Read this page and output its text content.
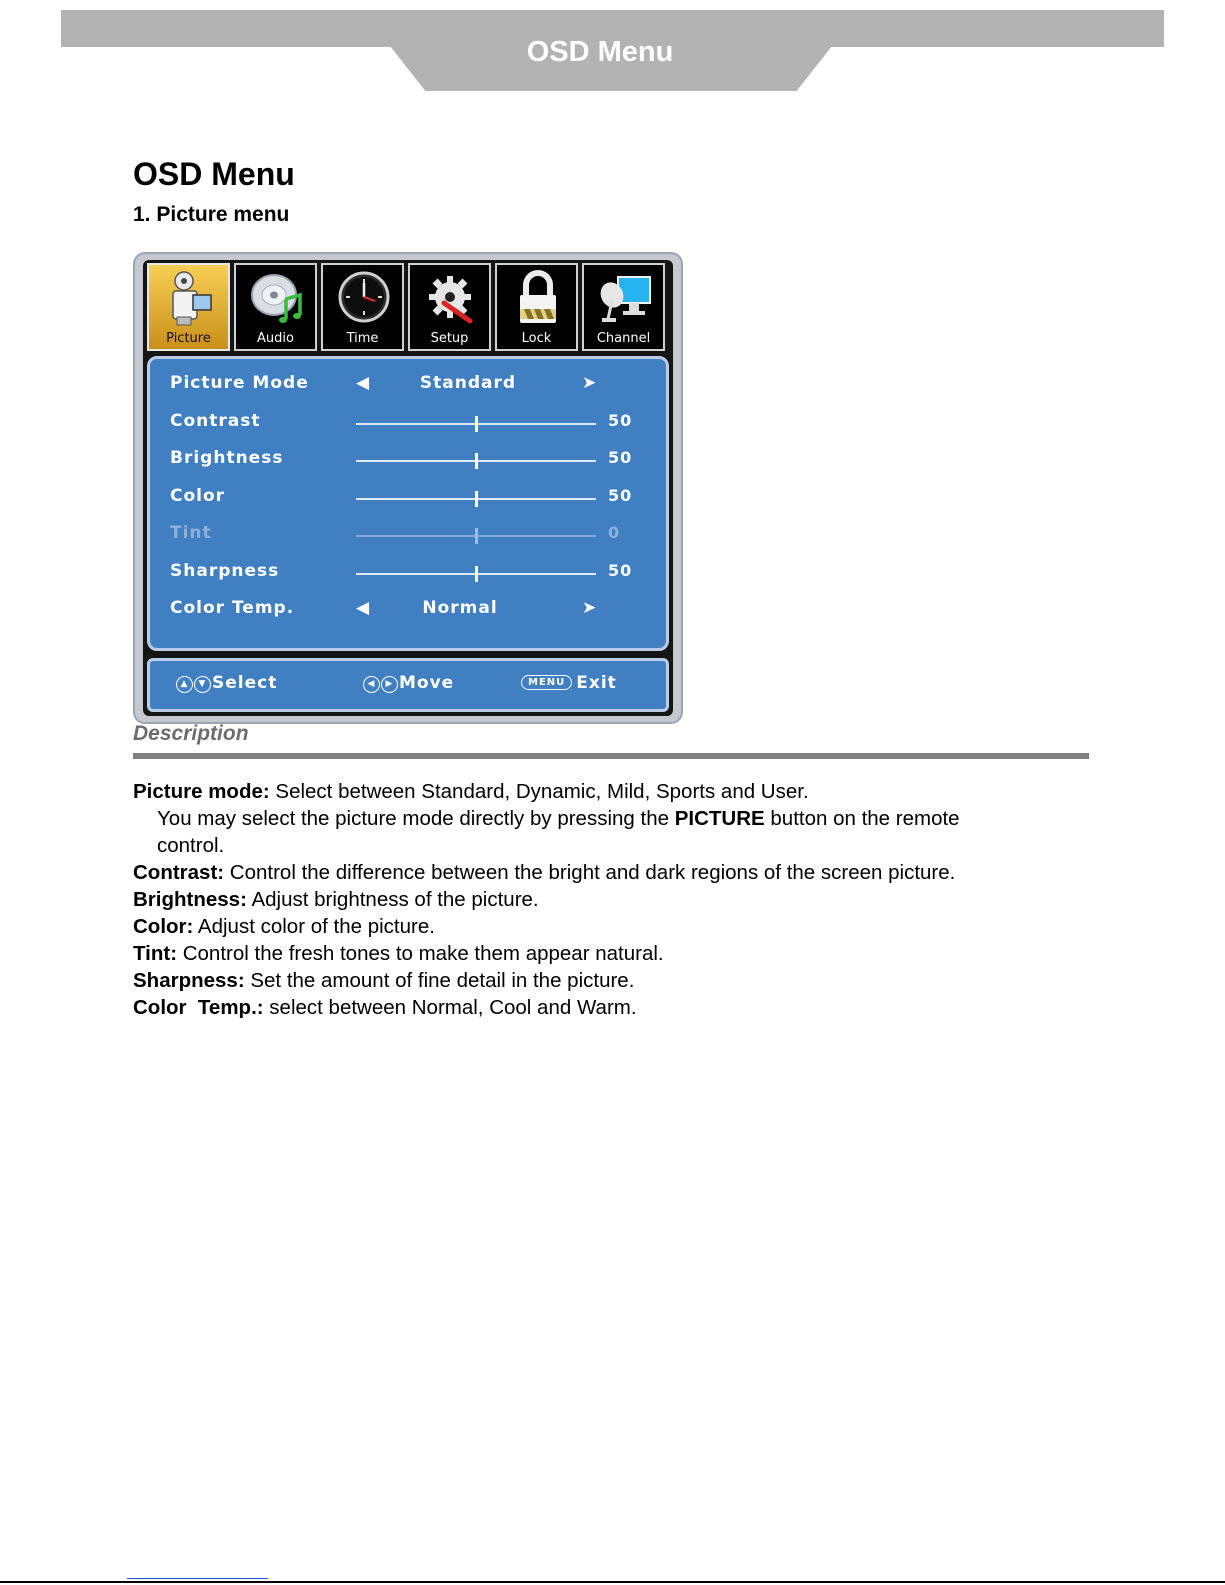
OSD Menu
OSD Menu
1. Picture menu
Picture	Audio	Time	Setup	Lock	Channel
Picture Mode	◀	Standard	➤
Contrast	50
Brightness	50
Color	50
Tint	0
Sharpness	50
Color Temp.	◀	Normal	➤
▲ ▼ Select	◀ ▶ Move	MENU Exit
Description
Picture mode: Select between Standard, Dynamic, Mild, Sports and User.
You may select the picture mode directly by pressing the PICTURE button on the remote
control.
Contrast: Control the difference between the bright and dark regions of the screen picture.
Brightness: Adjust brightness of the picture.
Color: Adjust color of the picture.
Tint: Control the fresh tones to make them appear natural.
Sharpness: Set the amount of fine detail in the picture.
Color  Temp.: select between Normal, Cool and Warm.
